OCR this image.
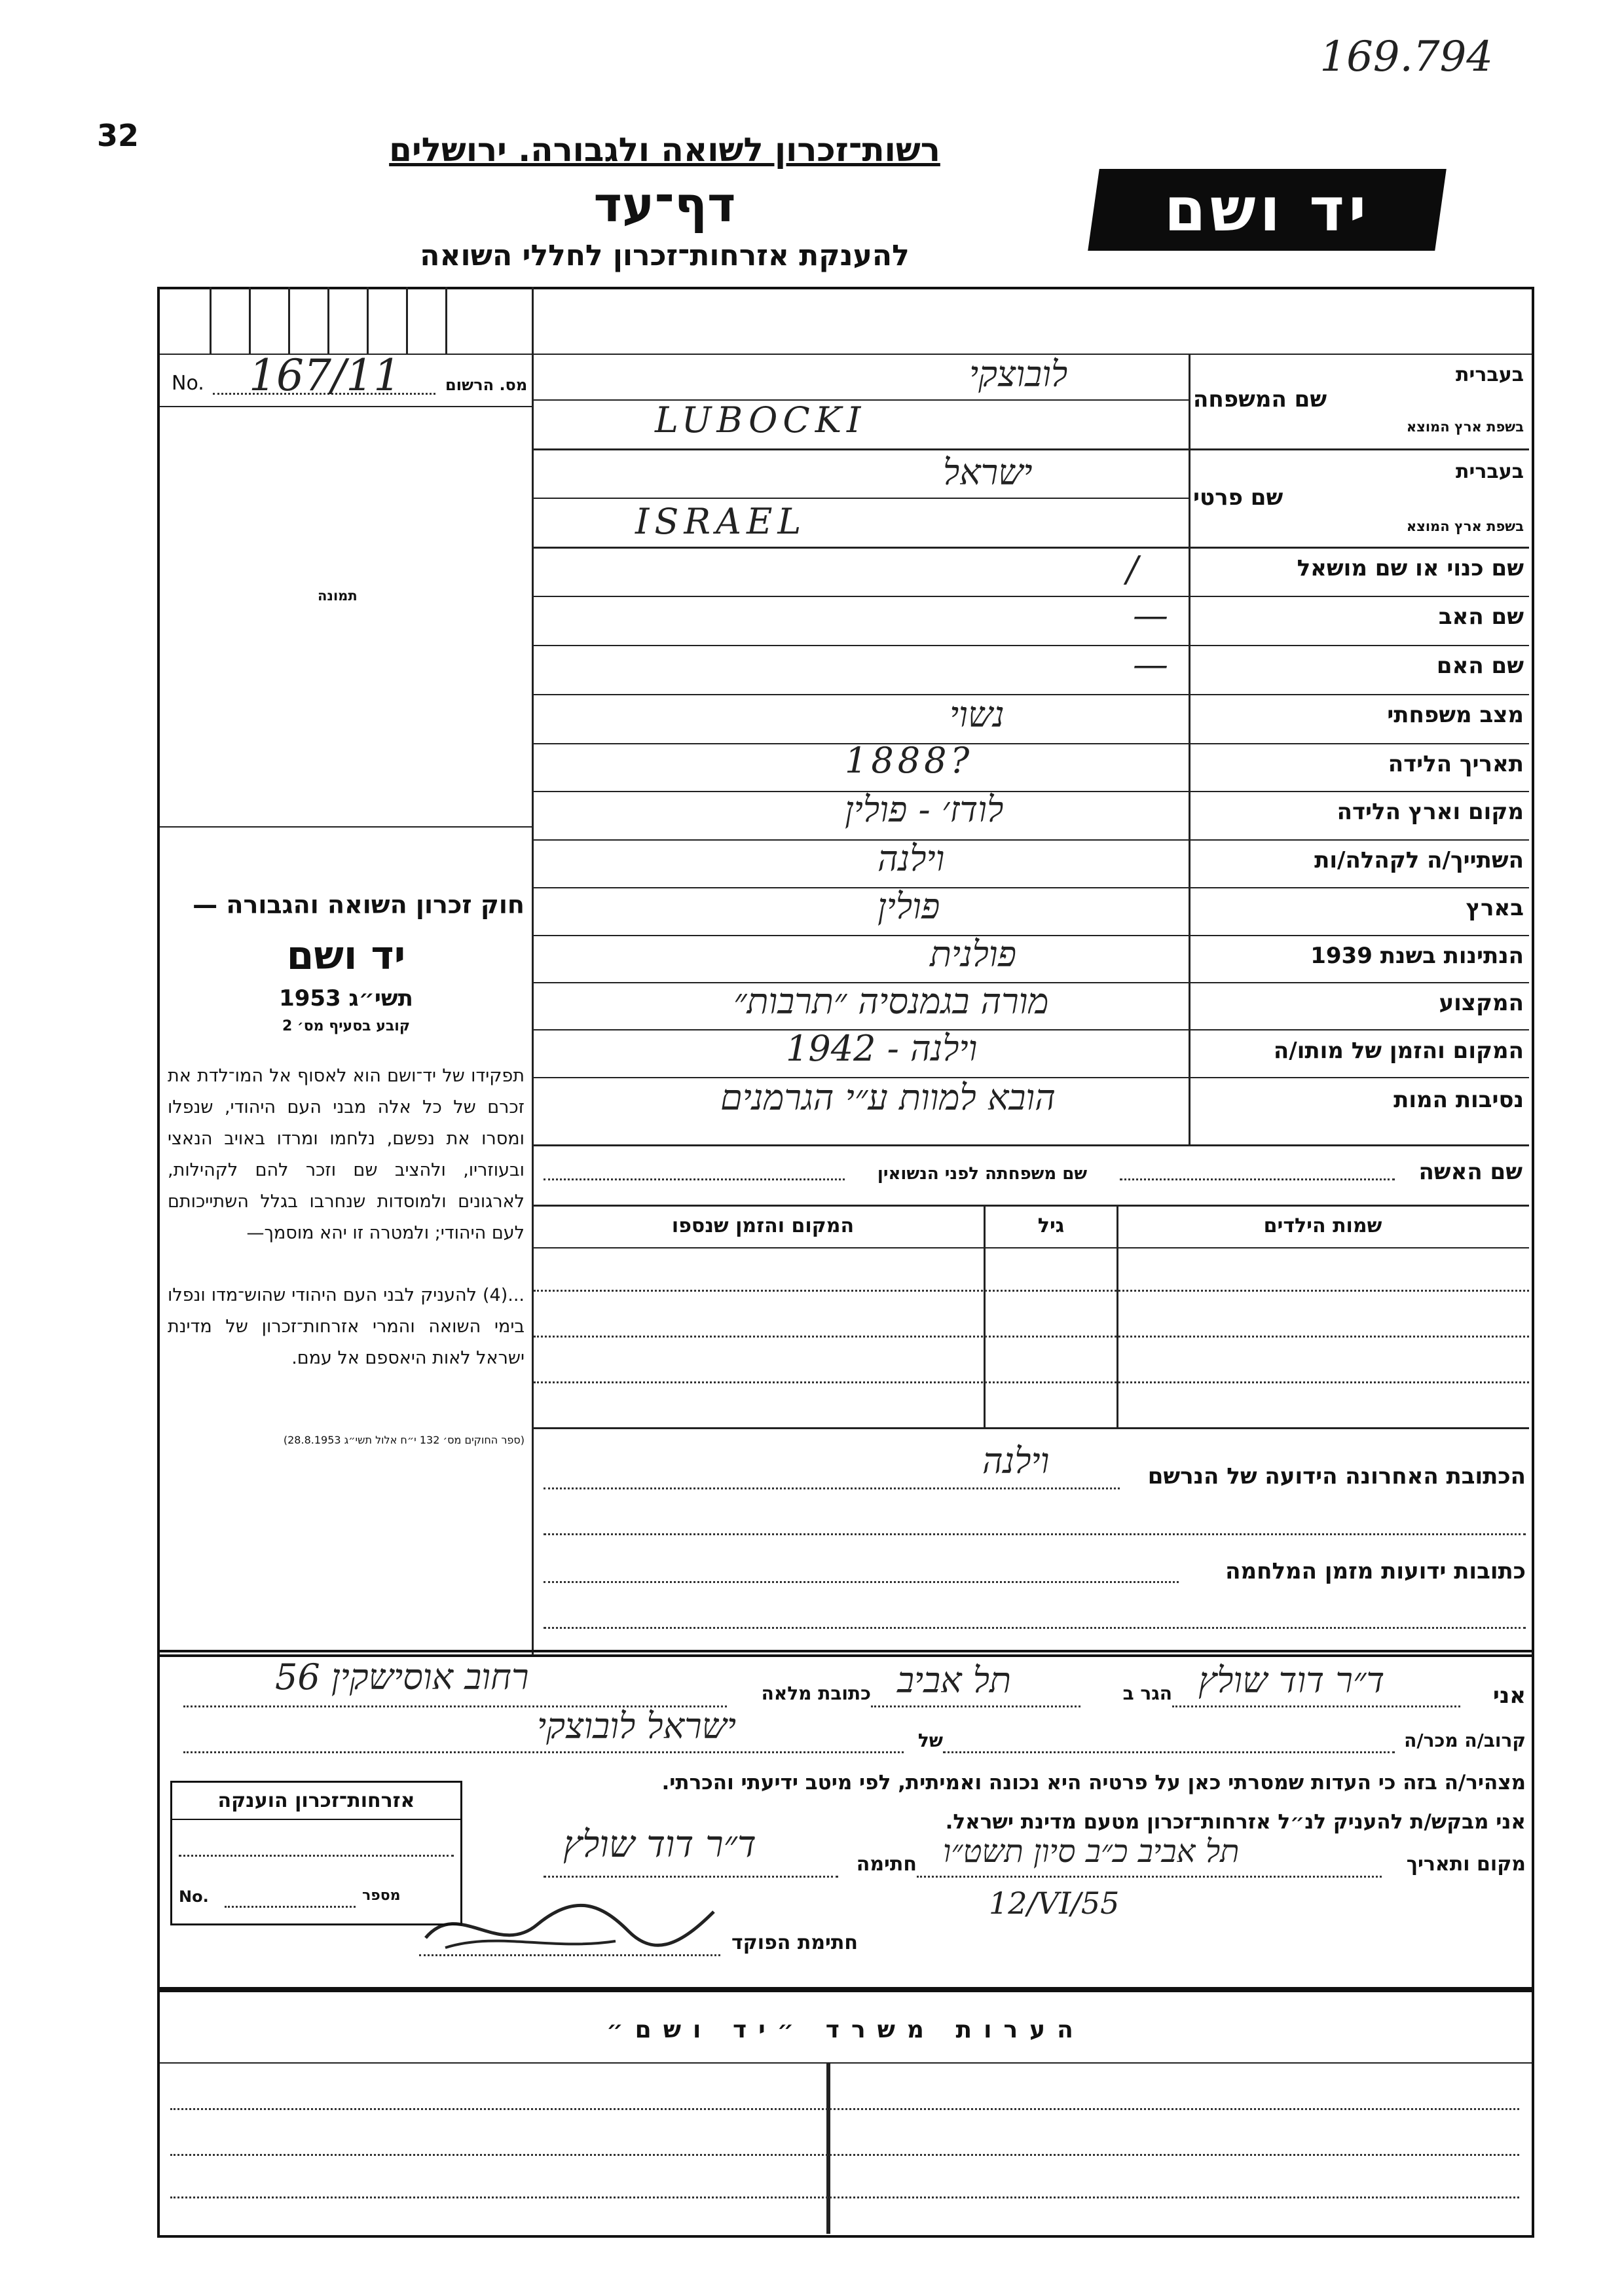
169.794
32	רשות־זכרון לשואה ולגבורה. ירושלים
דף־עד
להענקת אזרחות־זכרון לחללי השואה
יד ושם
No. 167/11	מס. הרשום
תמונה
חוק זכרון השואה והגבורה —
יד ושם
תשי״ג 1953
קובע בסעיף מס׳ 2
תפקידו של יד־ושם הוא לאסוף אל המו־לדת את זכרם של כל אלה מבני העם היהודי, שנפלו ומסרו את נפשם, נלחמו ומרדו באויב הנאצי ובעוזריו, ולהציב שם וזכר להם לקהילות, לארגונים ולמוסדות שנחרבו בגלל השתייכותם לעם היהודי; ולמטרה זו יהא מוסמך—
...(4) להעניק לבני העם היהודי שהוש־מדו ונפלו בימי השואה והמרי אזרחות־זכרון של מדינת ישראל לאות היאספם אל עמם.
(ספר החוקים מס׳ 132 י״ח אלול תשי״ג 28.8.1953)
בעברית
שם המשפחה
בשפת ארץ המוצא
לובוצקי
LUBOCKI
בעברית
שם פרטי
בשפת ארץ המוצא
ישראל
ISRAEL
שם כנוי או שם מושאל
/
שם האב
—
שם האם
—
מצב משפחתי
נשוי
תאריך הלידה
1888?
מקום וארץ הלידה
לודז׳ - פולין
השתייך/ה לקהלה/ות
וילנה
בארץ
פולין
הנתינות בשנת 1939
פולנית
המקצוע
מורה בגמנסיה ״תרבות״
המקום והזמן של מותו/ה
וילנה - 1942
נסיבות המות
הובא למוות ע״י הגרמנים
שם האשה
שם משפחתה לפני הנשואין
שמות הילדים
גיל
המקום והזמן שנספו
הכתובת האחרונה הידועה של הנרשם
וילנה
כתובות ידועות מזמן המלחמה
אני
ד״ר דוד שולץ
הגר ב
תל אביב
כתובת מלאה
רחוב אוסישקין 56
קרוב/ה מכר/ה
של
ישראל לובוצקי
מצהיר/ה בזה כי העדות שמסרתי כאן על פרטיה היא נכונה ואמיתית, לפי מיטב ידיעתי והכרתי.
אני מבקש/ת להעניק לנ״ל אזרחות־זכרון מטעם מדינת ישראל.
מקום ותאריך
תל אביב כ״ב סיון תשט״ו
12/VI/55
חתימה
ד״ר דוד שולץ
חתימת הפוקד
אזרחות־זכרון הוענקה
No.	מספר
הערות משרד ״יד ושם״
